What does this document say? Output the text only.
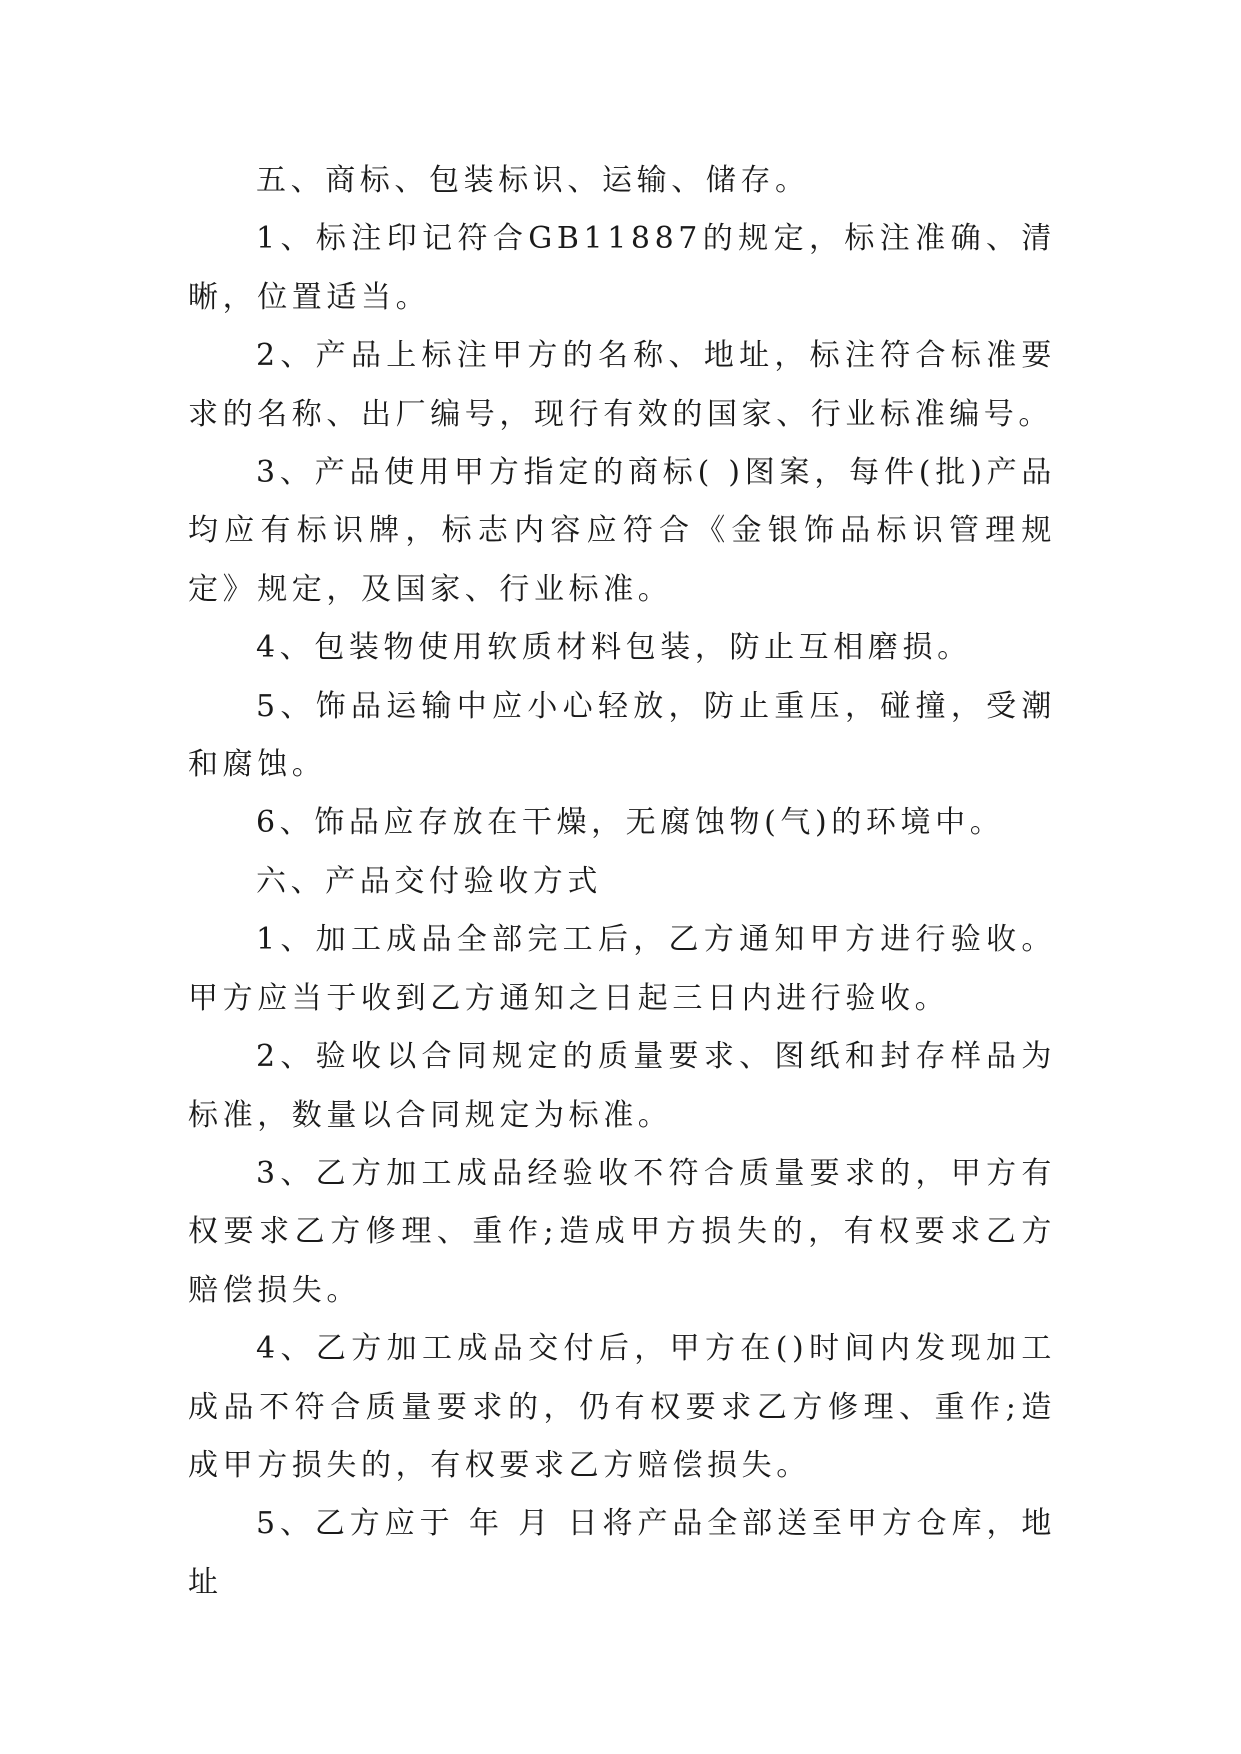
五、商标、包装标识、运输、储存。

1、标注印记符合GB11887的规定，标注准确、清晰，位置适当。

2、产品上标注甲方的名称、地址，标注符合标准要求的名称、出厂编号，现行有效的国家、行业标准编号。

3、产品使用甲方指定的商标( )图案，每件(批)产品均应有标识牌，标志内容应符合《金银饰品标识管理规定》规定，及国家、行业标准。

4、包装物使用软质材料包装，防止互相磨损。

5、饰品运输中应小心轻放，防止重压，碰撞，受潮和腐蚀。

6、饰品应存放在干燥，无腐蚀物(气)的环境中。

六、产品交付验收方式

1、加工成品全部完工后，乙方通知甲方进行验收。甲方应当于收到乙方通知之日起三日内进行验收。

2、验收以合同规定的质量要求、图纸和封存样品为标准，数量以合同规定为标准。

3、乙方加工成品经验收不符合质量要求的，甲方有权要求乙方修理、重作;造成甲方损失的，有权要求乙方赔偿损失。

4、乙方加工成品交付后，甲方在()时间内发现加工成品不符合质量要求的，仍有权要求乙方修理、重作;造成甲方损失的，有权要求乙方赔偿损失。

5、乙方应于 年 月 日将产品全部送至甲方仓库，地址
